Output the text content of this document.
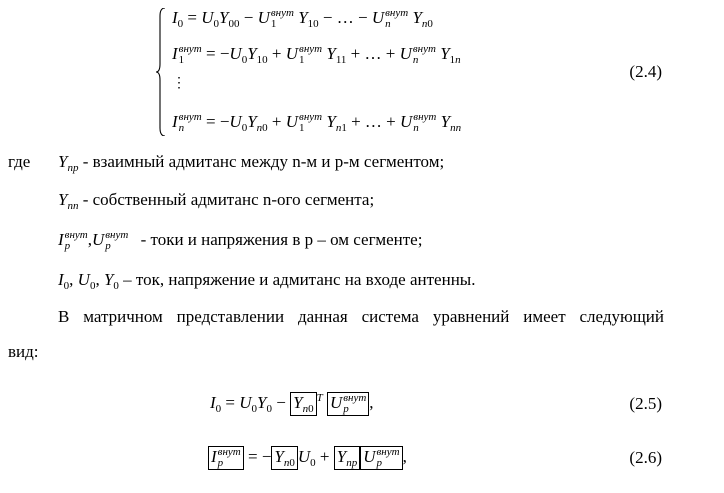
$I_0 = U_0Y_{00} - U$ внут
1	$Y_{10}$ − … − U внут
n	$Y_{n0}$
I внут
1	= $-U_0Y_{10} + U$ внут
1	$Y_{11}$ + … + U внут
n	$Y_{1n}$
⋮
I внут
n	= $-U_0Y_{n0} + U$ внут
1	$Y_{n1}$ + … + U внут
n	$Y_{nn}$
(2.4)
где $Y_{np}$ - взаимный адмитанс между n-м и p-м сегментом;
$Y_{nn}$ - собственный адмитанс n-ого сегмента;
I внут
p	,U внут
p	- токи и напряжения в р – ом сегменте;
$I_0$, $U_0$, $Y_0$ – ток, напряжение и адмитанс на входе антенны.
В матричном представлении данная система уравнений имеет следующий
вид:
$I_0 = U_0Y_0 - Y_{n0}^T$ U внут
p	,	(2.5)
I внут
p	= − $Y_{n0}$ $U_0 + Y_{np}$ U внут
p	,	(2.6)
